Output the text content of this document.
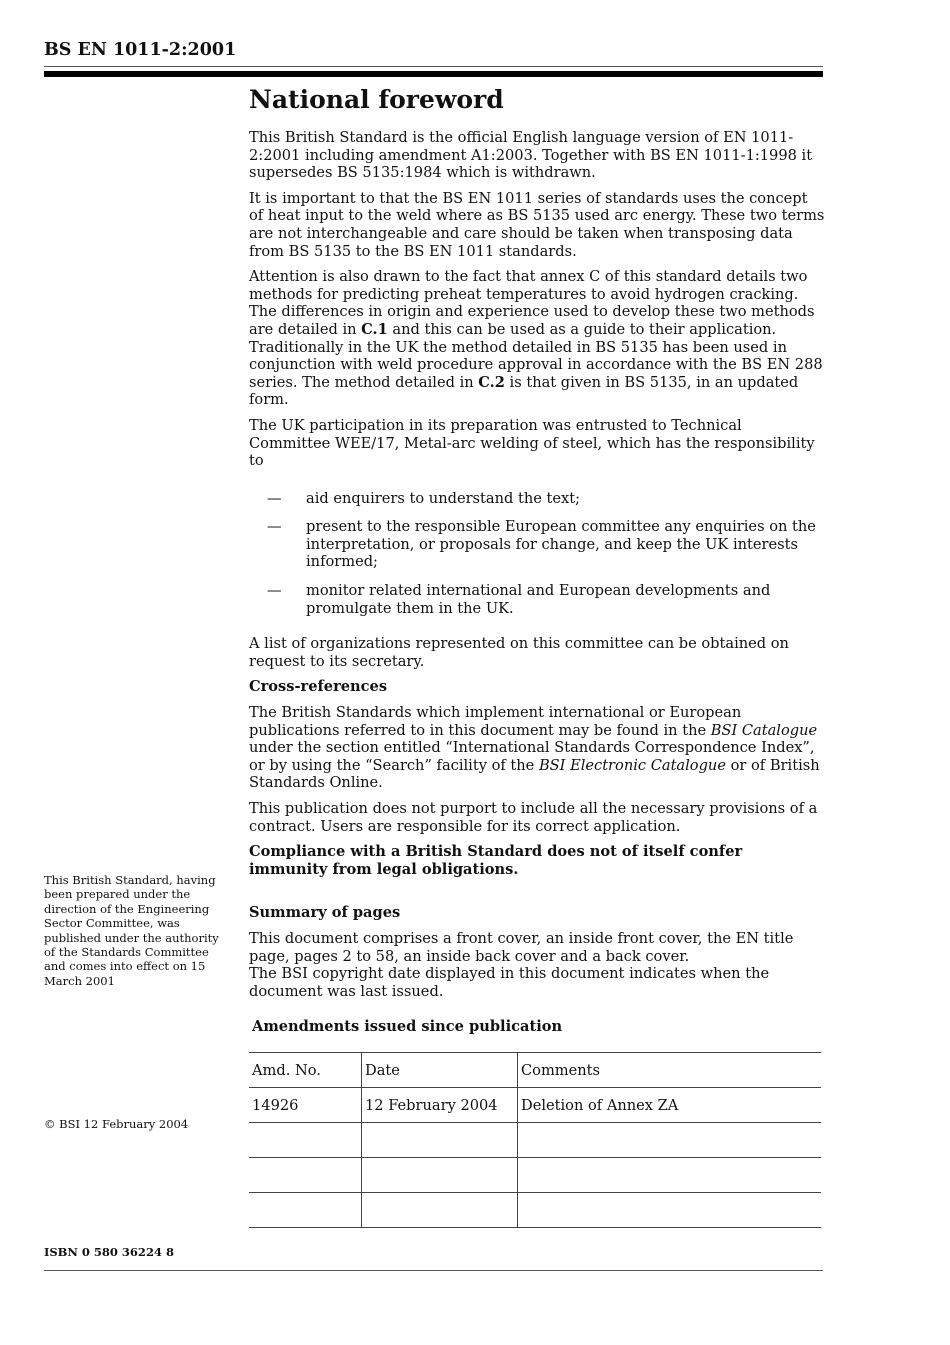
BS EN 1011-2:2001
National foreword

This British Standard is the official English language version of EN 1011-2:2001 including amendment A1:2003. Together with BS EN 1011-1:1998 it supersedes BS 5135:1984 which is withdrawn.

It is important to that the BS EN 1011 series of standards uses the concept of heat input to the weld where as BS 5135 used arc energy. These two terms are not interchangeable and care should be taken when transposing data from BS 5135 to the BS EN 1011 standards.

Attention is also drawn to the fact that annex C of this standard details two methods for predicting preheat temperatures to avoid hydrogen cracking. The differences in origin and experience used to develop these two methods are detailed in C.1 and this can be used as a guide to their application. Traditionally in the UK the method detailed in BS 5135 has been used in conjunction with weld procedure approval in accordance with the BS EN 288 series. The method detailed in C.2 is that given in BS 5135, in an updated form.

The UK participation in its preparation was entrusted to Technical Committee WEE/17, Metal-arc welding of steel, which has the responsibility to

— aid enquirers to understand the text;
— present to the responsible European committee any enquiries on the interpretation, or proposals for change, and keep the UK interests informed;
— monitor related international and European developments and promulgate them in the UK.

A list of organizations represented on this committee can be obtained on request to its secretary.

Cross-references

The British Standards which implement international or European publications referred to in this document may be found in the BSI Catalogue under the section entitled “International Standards Correspondence Index”, or by using the “Search” facility of the BSI Electronic Catalogue or of British Standards Online.

This publication does not purport to include all the necessary provisions of a contract. Users are responsible for its correct application.

Compliance with a British Standard does not of itself confer immunity from legal obligations.

Summary of pages

This document comprises a front cover, an inside front cover, the EN title page, pages 2 to 58, an inside back cover and a back cover.

The BSI copyright date displayed in this document indicates when the document was last issued.

This British Standard, having been prepared under the direction of the Engineering Sector Committee, was published under the authority of the Standards Committee and comes into effect on 15 March 2001
© BSI 12 February 2004
ISBN 0 580 36224 8
Amendments issued since publication
Amd. No.	Date	Comments
14926	12 February 2004	Deletion of Annex ZA
